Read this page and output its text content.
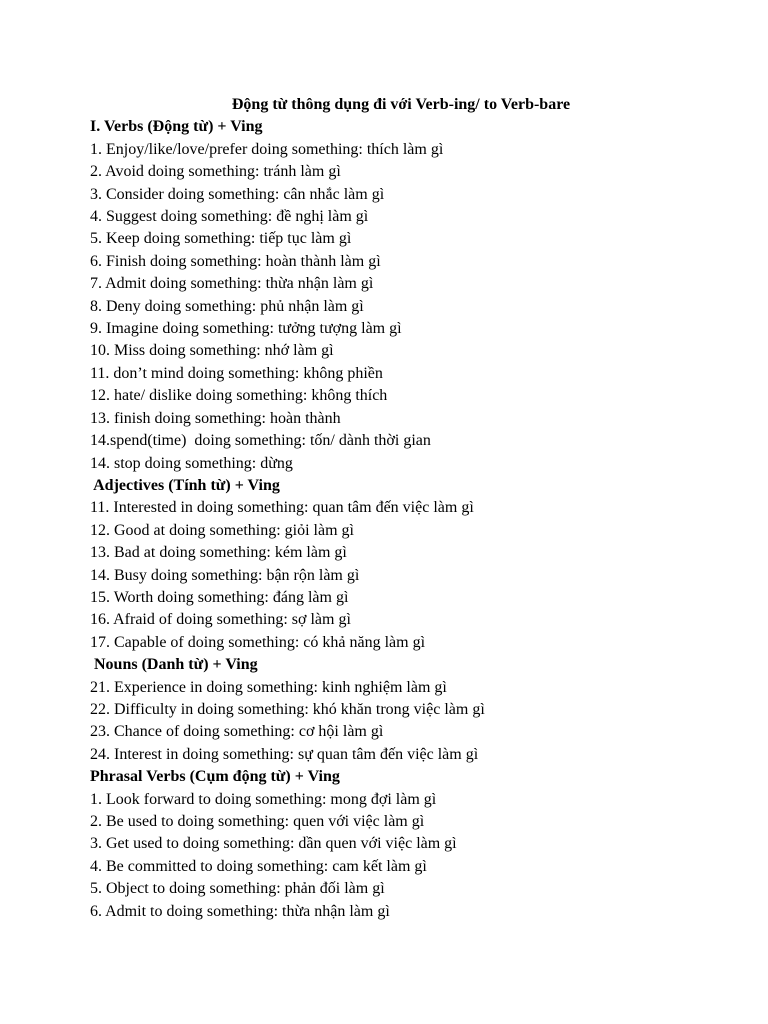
Động từ thông dụng đi với Verb-ing/ to Verb-bare
I. Verbs (Động từ) + Ving
1. Enjoy/like/love/prefer doing something: thích làm gì
2. Avoid doing something: tránh làm gì
3. Consider doing something: cân nhắc làm gì
4. Suggest doing something: đề nghị làm gì
5. Keep doing something: tiếp tục làm gì
6. Finish doing something: hoàn thành làm gì
7. Admit doing something: thừa nhận làm gì
8. Deny doing something: phủ nhận làm gì
9. Imagine doing something: tưởng tượng làm gì
10. Miss doing something: nhớ làm gì
11. don’t mind doing something: không phiền
12. hate/ dislike doing something: không thích
13. finish doing something: hoàn thành
14.spend(time)  doing something: tốn/ dành thời gian
14. stop doing something: dừng
Adjectives (Tính từ) + Ving
11. Interested in doing something: quan tâm đến việc làm gì
12. Good at doing something: giỏi làm gì
13. Bad at doing something: kém làm gì
14. Busy doing something: bận rộn làm gì
15. Worth doing something: đáng làm gì
16. Afraid of doing something: sợ làm gì
17. Capable of doing something: có khả năng làm gì
Nouns (Danh từ) + Ving
21. Experience in doing something: kinh nghiệm làm gì
22. Difficulty in doing something: khó khăn trong việc làm gì
23. Chance of doing something: cơ hội làm gì
24. Interest in doing something: sự quan tâm đến việc làm gì
Phrasal Verbs (Cụm động từ) + Ving
1. Look forward to doing something: mong đợi làm gì
2. Be used to doing something: quen với việc làm gì
3. Get used to doing something: dần quen với việc làm gì
4. Be committed to doing something: cam kết làm gì
5. Object to doing something: phản đối làm gì
6. Admit to doing something: thừa nhận làm gì
